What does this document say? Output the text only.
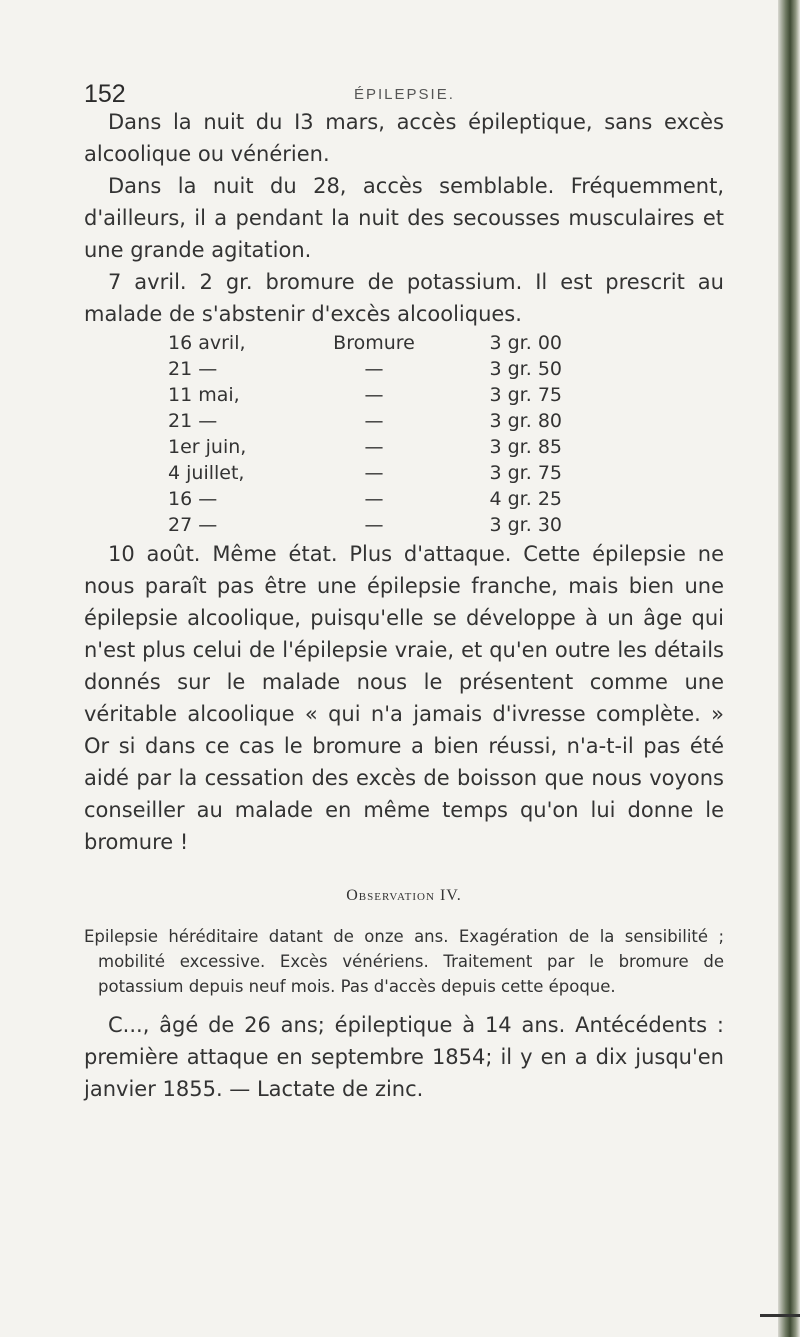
152	ÉPILEPSIE.

Dans la nuit du I3 mars, accès épileptique, sans excès alcoolique ou vénérien.

Dans la nuit du 28, accès semblable. Fréquemment, d'ailleurs, il a pendant la nuit des secousses musculaires et une grande agitation.

7 avril. 2 gr. bromure de potassium. Il est prescrit au malade de s'abstenir d'excès alcooliques.

16 avril,	Bromure	3 gr. 00
21 —	—	3 gr. 50
11 mai,	—	3 gr. 75
21 —	—	3 gr. 80
1er juin,	—	3 gr. 85
4 juillet,	—	3 gr. 75
16 —	—	4 gr. 25
27 —	—	3 gr. 30

10 août. Même état. Plus d'attaque. Cette épilepsie ne nous paraît pas être une épilepsie franche, mais bien une épilepsie alcoolique, puisqu'elle se développe à un âge qui n'est plus celui de l'épilepsie vraie, et qu'en outre les détails donnés sur le malade nous le présentent comme une véritable alcoolique « qui n'a jamais d'ivresse complète. » Or si dans ce cas le bromure a bien réussi, n'a-t-il pas été aidé par la cessation des excès de boisson que nous voyons conseiller au malade en même temps qu'on lui donne le bromure !

Observation IV.

Epilepsie héréditaire datant de onze ans. Exagération de la sensibilité ; mobilité excessive. Excès vénériens. Traitement par le bromure de potassium depuis neuf mois. Pas d'accès depuis cette époque.

C..., âgé de 26 ans; épileptique à 14 ans. Antécédents : première attaque en septembre 1854; il y en a dix jusqu'en janvier 1855. — Lactate de zinc.
